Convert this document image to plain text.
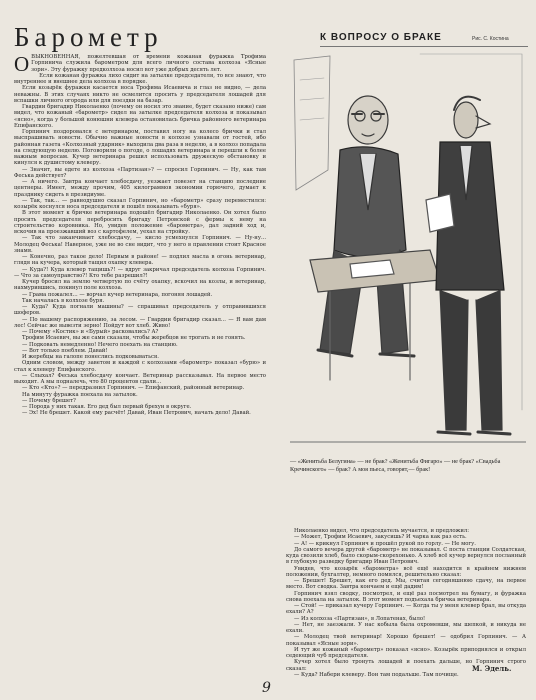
Барометр	К ВОПРОСУ О БРАКЕ	Рис. С. Костина

ОВЫКНОВЕННАЯ, пожелтевшая от времени кожаная фуражка Трофима Горпинича служила барометром для всего личного состава колхоза «Ясные зори». Эту фуражку предколхоза носил вот уже добрых десять лет.

Если кожаная фуражка лихо сидит на затылке председателя, то все знают, что внутреннее и внешнее дела колхоза в порядке.

Если козырёк фуражки касается носа Трофима Исаевича и глаз не видно, — дела неважны. В этих случаях никто не осмелится просить у председателя лошадей для вспашки личного огорода или для поездки на базар.

Гвардии бригадир Николаенко (почему он носил это звание, будет сказано ниже) сам видел, что кожаный «барометр» сидел на затылке председателя колхоза и показывал «ясно», когда у большой конюшни клевера остановилась бричка районного ветеринара Епифанского.

Горпинич поздоровался с ветеринаром, поставил ногу на колесо брички и стал выспрашивать новости. Обычно важные новости в колхозе узнавали от гостей, ибо районная газета «Колхозный ударник» выходила два раза в неделю, а в колхоз попадала на следующую неделю. Поговорили о погоде, о лошадях ветеринара и перешли к более важным вопросам. Кучер ветеринара решил использовать дружескую обстановку и кинулся к душистому клеверу.

— Значит, вы едете из колхоза «Партизан»? — спросил Горпинич. — Ну, как там Феська действует?

— А ничего. Завтра кончает хлебосдачу, уезжает повезет на станцию последние центнеры. Имеет, между прочим, 405 килограммов экономии горючего, думает к празднику сидеть в президиуме.

— Так, так... — равнодушно сказал Горпинич, но «барометр» сразу переместился: козырёк коснулся носа председателя и пошёл показывать «буря».

В этот момент к бричке ветеринара подошёл бригадир Николаенко. Он хотел было просить председателя перебросить бригаду Петровской с фермы к нему на строительство коровника. Но, увидев положение «барометра», дал задний ход и, вскочив на проезжавший воз с картофелем, уехал на стройку.

— Так что заканчивает хлебосдачу, — кисло усмехнулся Горпинич. — Ну-ну... Молодец Феська! Наверное, уже не во сне видит, что у него в правлении стоит Красное знамя.

— Конечно, раз такое дело! Первым в районе! — подлил масла в огонь ветеринар, глядя на кучера, который тащил охапку клевера.

— Куда?! Куда клевер тащишь?! — вдруг закричал председатель колхоза Горпинич. — Что за самоуправство?! Кто тебе разрешил?!

Кучер бросил на землю четвертую по счёту охапку, вскочил на козлы, и ветеринар, нахмурившись, покинул поле колхоза.

— Грама пожалел... — ворчал кучер ветеринара, погоняя лошадей.

Так началась в колхозе буря.

— Куда? Куда погнали машины? — спрашивал председатель у отправившихся шоферов.

— По вашему распоряжению, за лесом. — Гвардии бригадир сказал... — Я вам дам лес! Сейчас же вывезти зерно! Пойдут вот хлеб. Живо!

— Почему «Костик» и «Бурый» расковались? А?

Трофим Исаевич, вы же сами сказали, чтобы жеребцов не трогать и не гонять.

— Подковать немедленно! Нечего поехать на станцию.

— Вот только поеблем. Давай!

И жеребцы на галопе понеслись подковываться.

Одним словом, между заветом и каждой с колхозами «барометр» показал «бурю» и стал к клеверу Епифанского.

— Слыхал? Феська хлебосдачу кончает. Ветеринар рассказывал. На первое место выходит. А мы подналечь, что 80 процентов сдали...

— Кто «Кто»? — передразнил Горпинич. — Епифанский, районный ветеринар.

На минуту фуражка поехала на затылок.

— Почему брешет?

— Порода у них такая. Его дед был первый брехун в округе.

— Эх! Не брешет. Какой ему расчёт! Давай, Иван Петрович, начать дело! Давай.

— «Женитьба Белугина» — не брак? «Женитьба Фигаро» — не брак? «Свадьба Кречинского» — брак? А моя пьеса, говорят,— брак!

Николаенко видел, что председатель мучается, и предложил:

— Может, Трофим Исаевич, закусишь? И чарка как раз есть.

— А! — крикнул Горпинич и прошёл рукой по горлу. — Не могу.

До самого вечера другой «барометр» не показывал. С поста станции Солдатская, куда свозили хлеб, было скорым-скорехонько. А хлеб всё кучер вернулся посланный в глубокую разведку бригадир Иван Петрович.

Увидев, что козырёк «барометра» всё ещё находится в крайнем нижнем положении, бухгалтер, немного помялся, решительно сказал:

— Брешет! Брешет, как его дед. Мы, считая сегодняшнюю сдачу, на первое место. Вот сводка. Завтра кончаем и ещё дадим!

Горпинич взял сводку, посмотрел, и ещё раз посмотрел на бумагу, и фуражка снова поехала на затылок. В этот момент подъехала бричка ветеринара.

— Стой! — приказал кучеру Горпинич. — Когда ты у меня клевер брал, вы откуда ехали? А?

— Из колхоза «Партизан», в Лопатенах, было!

— Нет, не заезжали. У нас кобыла была охромевши, мы шепкой, и никуда не ехали.

— Молодец твой ветеринар! Хорошо брешет! — одобрил Горпинич. — А показывал «Ясные зори».

И тут же кожаный «барометр» показал «ясно». Козырёк приподнялся и открыл седеющий чуб председателя.

Кучер хотел было тронуть лошадей и поехать дальше, но Горпинич строго сказал:

— Куда? Набери клеверу. Вон там подальше. Там почище.

М. Эдель.
9
